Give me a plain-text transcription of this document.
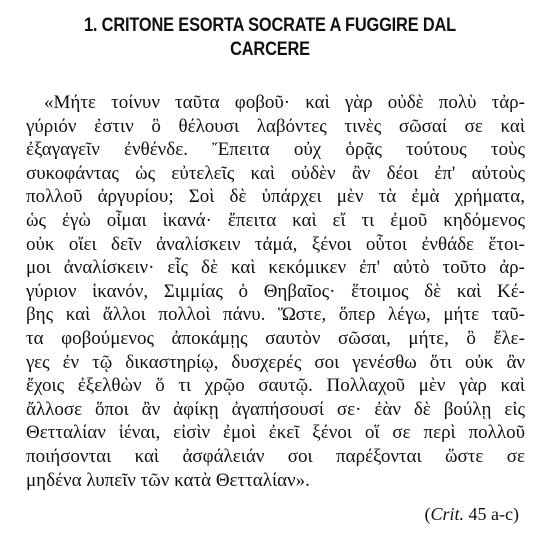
1. CRITONE ESORTA SOCRATE A FUGGIRE DAL
CARCERE
«Μήτε τοίνυν ταῦτα φοβοῦ· καὶ γὰρ οὐδὲ πολὺ τἀρ-
γύριόν ἐστιν ὃ θέλουσι λαβόντες τινὲς σῶσαί σε καὶ
ἐξαγαγεῖν ἐνθένδε. Ἔπειτα οὐχ ὁρᾷς τούτους τοὺς
συκοφάντας ὡς εὐτελεῖς καὶ οὐδὲν ἂν δέοι ἐπ' αὐτοὺς
πολλοῦ ἀργυρίου; Σοὶ δὲ ὑπάρχει μὲν τὰ ἐμὰ χρήματα,
ὡς ἐγὼ οἶμαι ἱκανά· ἔπειτα καὶ εἴ τι ἐμοῦ κηδόμενος
οὐκ οἴει δεῖν ἀναλίσκειν τἀμά, ξένοι οὗτοι ἐνθάδε ἕτοι-
μοι ἀναλίσκειν· εἷς δὲ καὶ κεκόμικεν ἐπ' αὐτὸ τοῦτο ἀρ-
γύριον ἱκανόν, Σιμμίας ὁ Θηβαῖος· ἕτοιμος δὲ καὶ Κέ-
βης καὶ ἄλλοι πολλοὶ πάνυ. Ὥστε, ὅπερ λέγω, μήτε ταῦ-
τα φοβούμενος ἀποκάμῃς σαυτὸν σῶσαι, μήτε, ὃ ἔλε-
γες ἐν τῷ δικαστηρίῳ, δυσχερές σοι γενέσθω ὅτι οὐκ ἂν
ἔχοις ἐξελθὼν ὅ τι χρῷο σαυτῷ. Πολλαχοῦ μὲν γὰρ καὶ
ἄλλοσε ὅποι ἂν ἀφίκῃ ἀγαπήσουσί σε· ἐὰν δὲ βούλῃ εἰς
Θετταλίαν ἰέναι, εἰσὶν ἐμοὶ ἐκεῖ ξένοι οἵ σε περὶ πολλοῦ
ποιήσονται καὶ ἀσφάλειάν σοι παρέξονται ὥστε σε
μηδένα λυπεῖν τῶν κατὰ Θετταλίαν».
(Crit. 45 a-c)
